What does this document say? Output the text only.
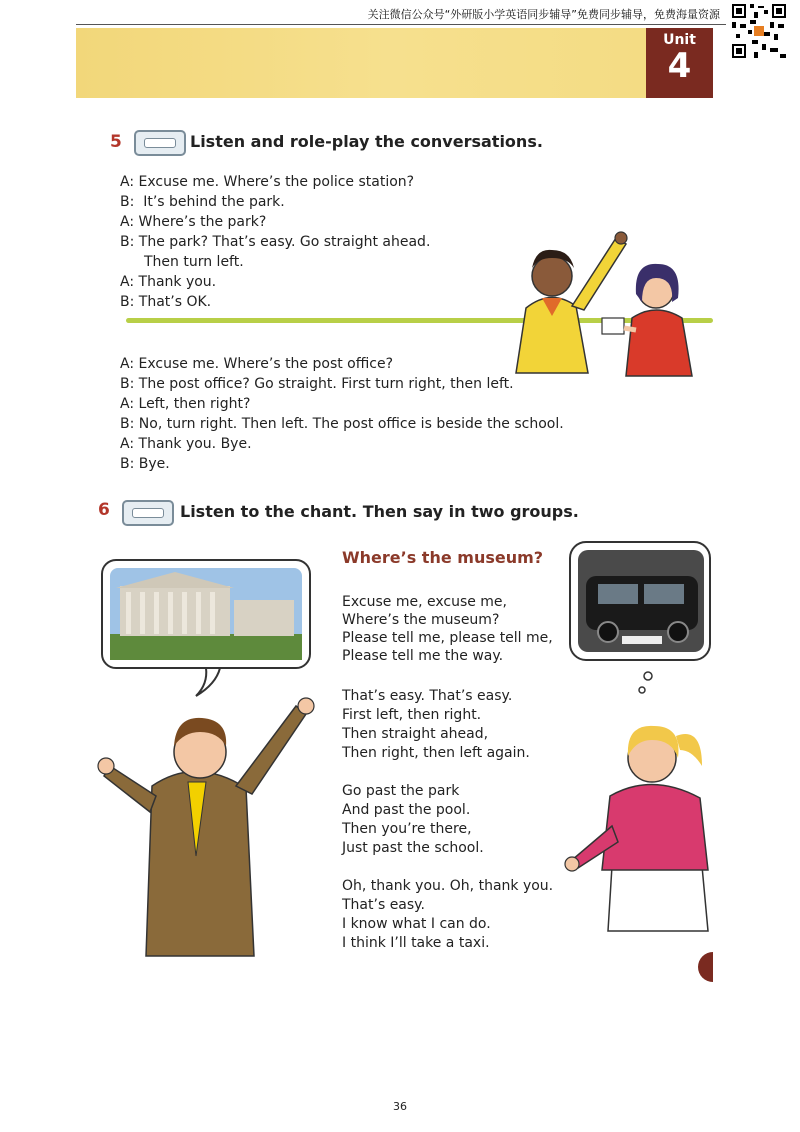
关注微信公众号“外研版小学英语同步辅导”免费同步辅导，免费海量资源
Unit
4
5	Listen and role-play the conversations.
A: Excuse me. Where’s the police station?
B: It’s behind the park.
A: Where’s the park?
B: The park? That’s easy. Go straight ahead.
Then turn left.
A: Thank you.
B: That’s OK.
A: Excuse me. Where’s the post office?
B: The post office? Go straight. First turn right, then left.
A: Left, then right?
B: No, turn right. Then left. The post office is beside the school.
A: Thank you. Bye.
B: Bye.
6	Listen to the chant. Then say in two groups.
Where’s the museum?
Excuse me, excuse me,
Where’s the museum?
Please tell me, please tell me,
Please tell me the way.
That’s easy. That’s easy.
First left, then right.
Then straight ahead,
Then right, then left again.
Go past the park
And past the pool.
Then you’re there,
Just past the school.
Oh, thank you. Oh, thank you.
That’s easy.
I know what I can do.
I think I’ll take a taxi.
36
